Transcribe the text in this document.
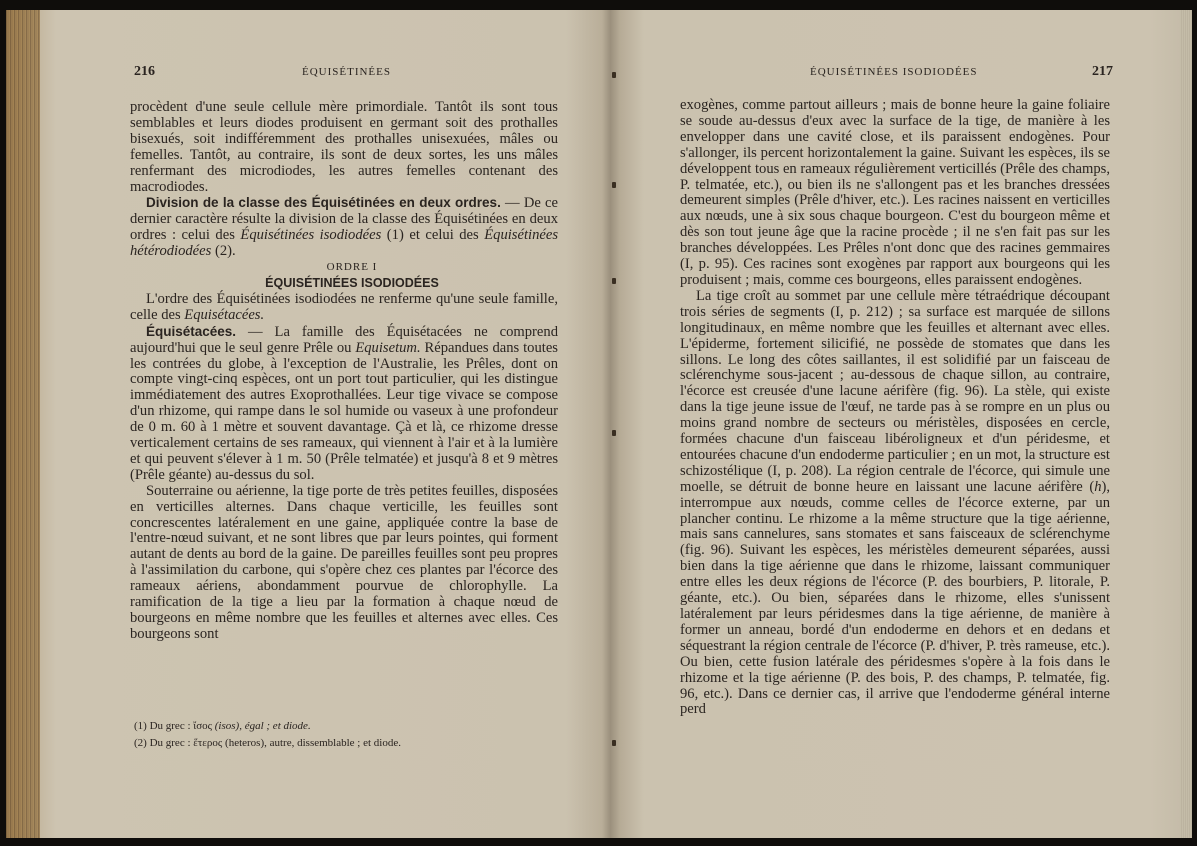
216	ÉQUISÉTINÉES

procèdent d'une seule cellule mère primordiale. Tantôt ils sont tous semblables et leurs diodes produisent en germant soit des prothalles bisexués, soit indifféremment des prothalles unisexuées, mâles ou femelles. Tantôt, au contraire, ils sont de deux sortes, les uns mâles renfermant des microdiodes, les autres femelles contenant des macrodiodes.

Division de la classe des Équisétinées en deux ordres. — De ce dernier caractère résulte la division de la classe des Équisétinées en deux ordres : celui des Équisétinées isodiodées (1) et celui des Équisétinées hétérodiodées (2).

ORDRE I

ÉQUISÉTINÉES ISODIODÉES

L'ordre des Équisétinées isodiodées ne renferme qu'une seule famille, celle des Equisétacées.

Équisétacées. — La famille des Équisétacées ne comprend aujourd'hui que le seul genre Prêle ou Equisetum. Répandues dans toutes les contrées du globe, à l'exception de l'Australie, les Prêles, dont on compte vingt-cinq espèces, ont un port tout particulier, qui les distingue immédiatement des autres Exoprothallées. Leur tige vivace se compose d'un rhizome, qui rampe dans le sol humide ou vaseux à une profondeur de 0 m. 60 à 1 mètre et souvent davantage. Çà et là, ce rhizome dresse verticalement certains de ses rameaux, qui viennent à l'air et à la lumière et qui peuvent s'élever à 1 m. 50 (Prêle telmatée) et jusqu'à 8 et 9 mètres (Prêle géante) au-dessus du sol.

Souterraine ou aérienne, la tige porte de très petites feuilles, disposées en verticilles alternes. Dans chaque verticille, les feuilles sont concrescentes latéralement en une gaine, appliquée contre la base de l'entre-nœud suivant, et ne sont libres que par leurs pointes, qui forment autant de dents au bord de la gaine. De pareilles feuilles sont peu propres à l'assimilation du carbone, qui s'opère chez ces plantes par l'écorce des rameaux aériens, abondamment pourvue de chlorophylle. La ramification de la tige a lieu par la formation à chaque nœud de bourgeons en même nombre que les feuilles et alternes avec elles. Ces bourgeons sont

(1) Du grec : ἴσος (isos), égal ; et diode.
(2) Du grec : ἕτερος (heteros), autre, dissemblable ; et diode.
ÉQUISÉTINÉES ISODIODÉES	217

exogènes, comme partout ailleurs ; mais de bonne heure la gaine foliaire se soude au-dessus d'eux avec la surface de la tige, de manière à les envelopper dans une cavité close, et ils paraissent endogènes. Pour s'allonger, ils percent horizontalement la gaine. Suivant les espèces, ils se développent tous en rameaux régulièrement verticillés (Prêle des champs, P. telmatée, etc.), ou bien ils ne s'allongent pas et les branches dressées demeurent simples (Prêle d'hiver, etc.). Les racines naissent en verticilles aux nœuds, une à six sous chaque bourgeon. C'est du bourgeon même et dès son tout jeune âge que la racine procède ; il ne s'en fait pas sur les branches développées. Les Prêles n'ont donc que des racines gemmaires (I, p. 95). Ces racines sont exogènes par rapport aux bourgeons qui les produisent ; mais, comme ces bourgeons, elles paraissent endogènes.

La tige croît au sommet par une cellule mère tétraédrique découpant trois séries de segments (I, p. 212) ; sa surface est marquée de sillons longitudinaux, en même nombre que les feuilles et alternant avec elles. L'épiderme, fortement silicifié, ne possède de stomates que dans les sillons. Le long des côtes saillantes, il est solidifié par un faisceau de sclérenchyme sous-jacent ; au-dessous de chaque sillon, au contraire, l'écorce est creusée d'une lacune aérifère (fig. 96). La stèle, qui existe dans la tige jeune issue de l'œuf, ne tarde pas à se rompre en un plus ou moins grand nombre de secteurs ou méristèles, disposées en cercle, formées chacune d'un faisceau libéroligneux et d'un péridesme, et entourées chacune d'un endoderme particulier ; en un mot, la structure est schizostélique (I, p. 208). La région centrale de l'écorce, qui simule une moelle, se détruit de bonne heure en laissant une lacune aérifère (h), interrompue aux nœuds, comme celles de l'écorce externe, par un plancher continu. Le rhizome a la même structure que la tige aérienne, mais sans cannelures, sans stomates et sans faisceaux de sclérenchyme (fig. 96). Suivant les espèces, les méristèles demeurent séparées, aussi bien dans la tige aérienne que dans le rhizome, laissant communiquer entre elles les deux régions de l'écorce (P. des bourbiers, P. litorale, P. géante, etc.). Ou bien, séparées dans le rhizome, elles s'unissent latéralement par leurs péridesmes dans la tige aérienne, de manière à former un anneau, bordé d'un endoderme en dehors et en dedans et séquestrant la région centrale de l'écorce (P. d'hiver, P. très rameuse, etc.). Ou bien, cette fusion latérale des péridesmes s'opère à la fois dans le rhizome et la tige aérienne (P. des bois, P. des champs, P. telmatée, fig. 96, etc.). Dans ce dernier cas, il arrive que l'endoderme général interne perd
